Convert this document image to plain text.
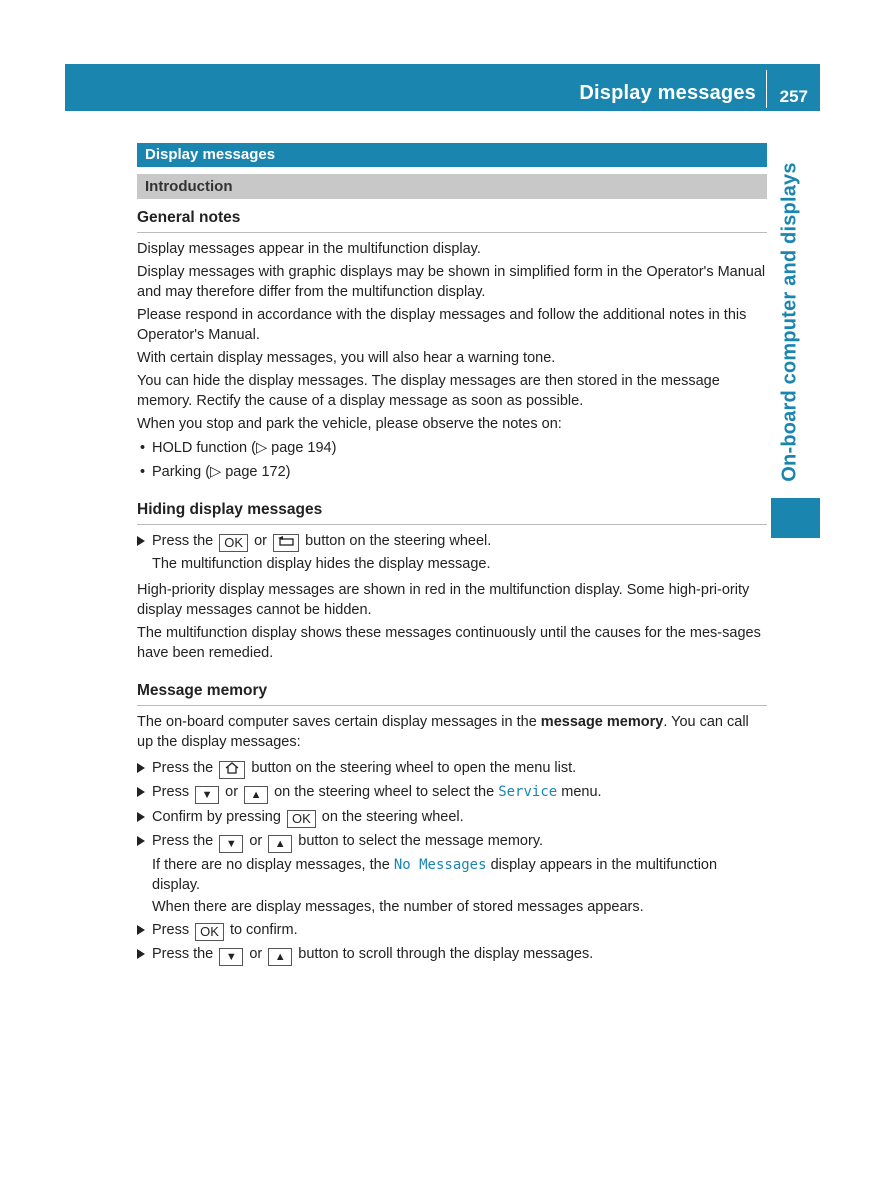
Display messages 257
On-board computer and displays
Display messages
Introduction
General notes

Display messages appear in the multifunction display.

Display messages with graphic displays may be shown in simplified form in the Operator's Manual and may therefore differ from the multifunction display.

Please respond in accordance with the display messages and follow the additional notes in this Operator's Manual.

With certain display messages, you will also hear a warning tone.

You can hide the display messages. The display messages are then stored in the message memory. Rectify the cause of a display message as soon as possible.

When you stop and park the vehicle, please observe the notes on:

• HOLD function (▷ page 194)
• Parking (▷ page 172)
Hiding display messages
Press the OK or	button on the steering wheel.
The multifunction display hides the display message.

High-priority display messages are shown in red in the multifunction display. Some high-pri-ority display messages cannot be hidden.

The multifunction display shows these messages continuously until the causes for the mes-sages have been remedied.

Message memory

The on-board computer saves certain display messages in the message memory. You can call up the display messages:

Press the	button on the steering wheel to open the menu list.
Press ▼ or ▲ on the steering wheel to select the Service menu.
Confirm by pressing OK on the steering wheel.
Press the ▼ or ▲ button to select the message memory.
If there are no display messages, the No Messages display appears in the multifunction display.
When there are display messages, the number of stored messages appears.
Press OK to confirm.
Press the ▼ or ▲ button to scroll through the display messages.
